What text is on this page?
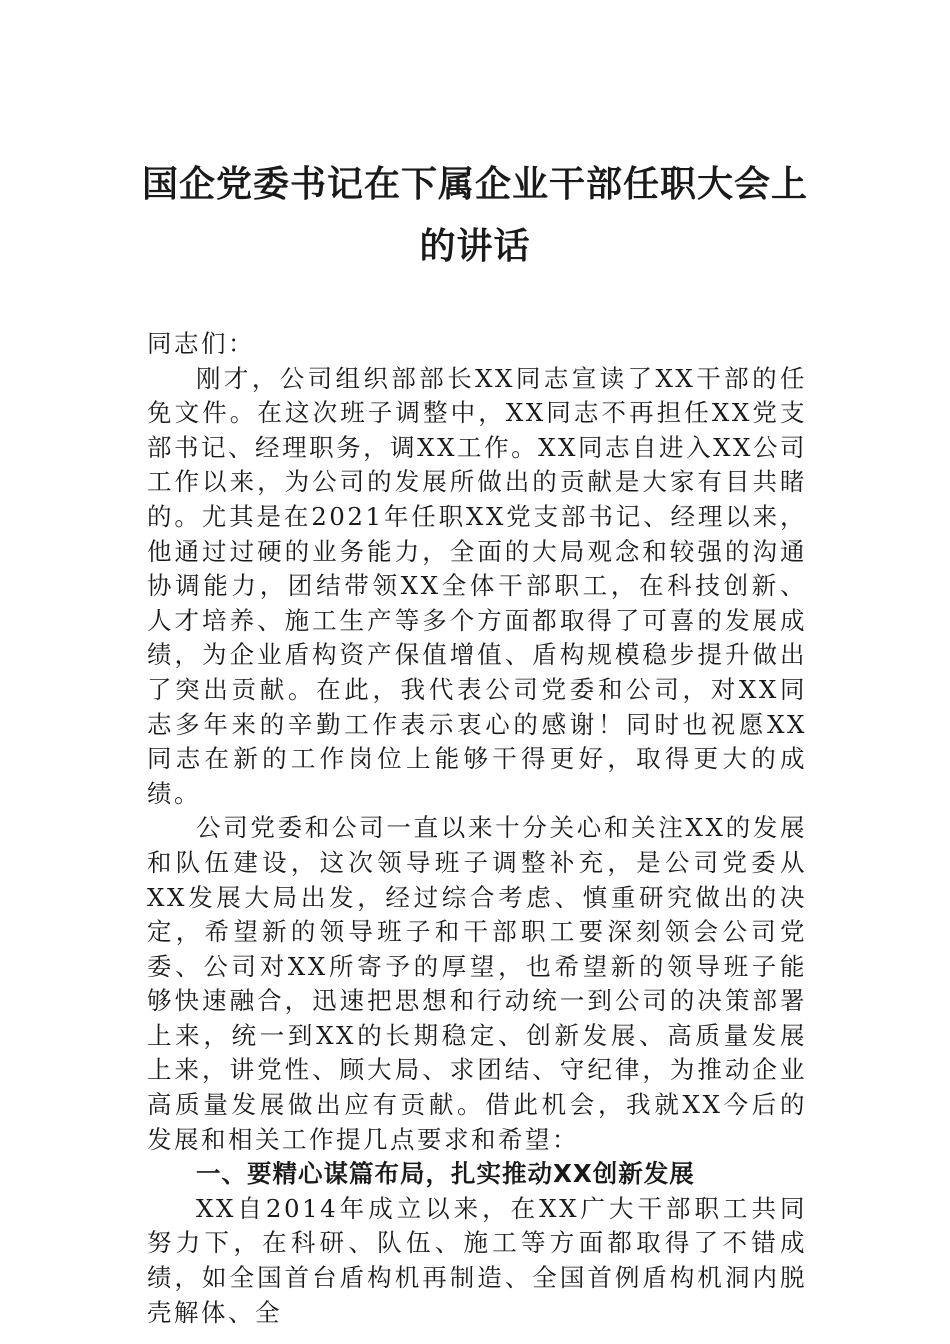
国企党委书记在下属企业干部任职大会上
的讲话

同志们：

刚才，公司组织部部长XX同志宣读了XX干部的任免文件。在这次班子调整中，XX同志不再担任XX党支部书记、经理职务，调XX工作。XX同志自进入XX公司工作以来，为公司的发展所做出的贡献是大家有目共睹的。尤其是在2021年任职XX党支部书记、经理以来，他通过过硬的业务能力，全面的大局观念和较强的沟通协调能力，团结带领XX全体干部职工，在科技创新、人才培养、施工生产等多个方面都取得了可喜的发展成绩，为企业盾构资产保值增值、盾构规模稳步提升做出了突出贡献。在此，我代表公司党委和公司，对XX同志多年来的辛勤工作表示衷心的感谢！同时也祝愿XX同志在新的工作岗位上能够干得更好，取得更大的成绩。

公司党委和公司一直以来十分关心和关注XX的发展和队伍建设，这次领导班子调整补充，是公司党委从XX发展大局出发，经过综合考虑、慎重研究做出的决定，希望新的领导班子和干部职工要深刻领会公司党委、公司对XX所寄予的厚望，也希望新的领导班子能够快速融合，迅速把思想和行动统一到公司的决策部署上来，统一到XX的长期稳定、创新发展、高质量发展上来，讲党性、顾大局、求团结、守纪律，为推动企业高质量发展做出应有贡献。借此机会，我就XX今后的发展和相关工作提几点要求和希望：

一、要精心谋篇布局，扎实推动XX创新发展

XX自2014年成立以来，在XX广大干部职工共同努力下，在科研、队伍、施工等方面都取得了不错成绩，如全国首台盾构机再制造、全国首例盾构机洞内脱壳解体、全
